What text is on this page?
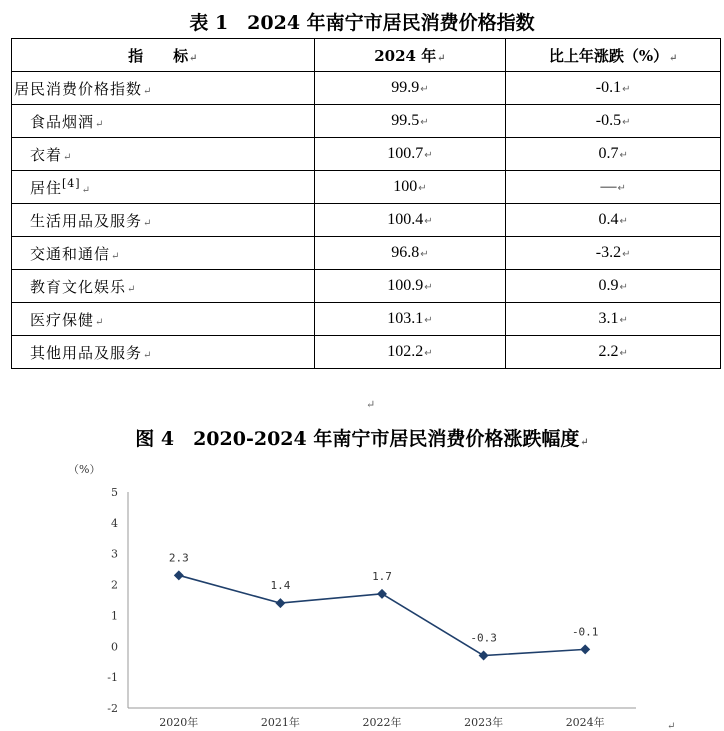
表 1　2024 年南宁市居民消费价格指数
指　　标↵	2024 年↵	比上年涨跌（%）↵
居民消费价格指数↵	99.9↵	-0.1↵
食品烟酒↵	99.5↵	-0.5↵
衣着↵	100.7↵	0.7↵
居住[4]↵	100↵	—↵
生活用品及服务↵	100.4↵	0.4↵
交通和通信↵	96.8↵	-3.2↵
教育文化娱乐↵	100.9↵	0.9↵
医疗保健↵	103.1↵	3.1↵
其他用品及服务↵	102.2↵	2.2↵
↵
图 4　2020-2024 年南宁市居民消费价格涨跌幅度↵
（%）
5
4
3
2
1
0
-1
-2
2020年	2021年	2022年	2023年	2024年
2.3
1.4
1.7
-0.3	-0.1
↵
